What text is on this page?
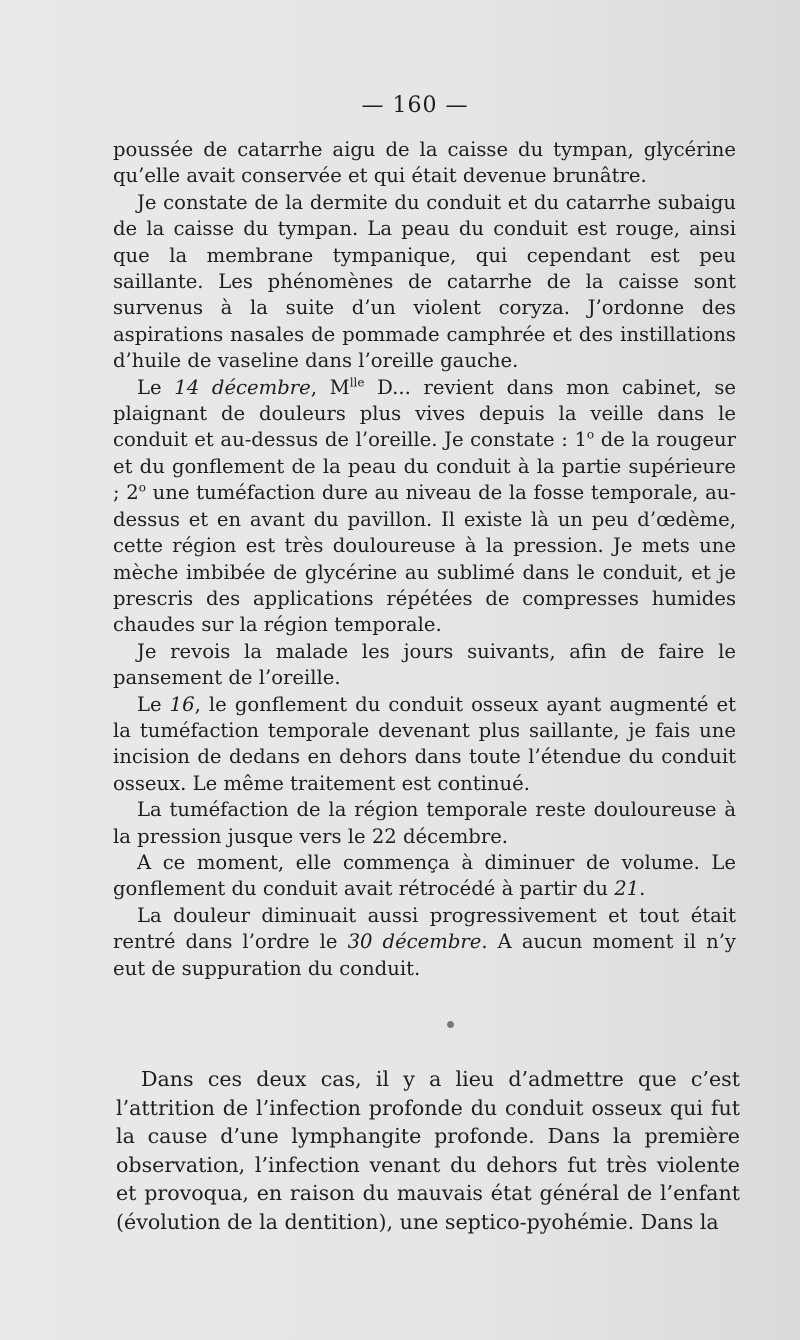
— 160 —

poussée de catarrhe aigu de la caisse du tympan, glycérine qu’elle avait conservée et qui était devenue brunâtre.

Je constate de la dermite du conduit et du catarrhe subaigu de la caisse du tympan. La peau du conduit est rouge, ainsi que la membrane tympanique, qui cependant est peu saillante. Les phénomènes de catarrhe de la caisse sont survenus à la suite d’un violent coryza. J’ordonne des aspirations nasales de pommade camphrée et des instillations d’huile de vaseline dans l’oreille gauche.

Le 14 décembre, $M^{lle}$ D... revient dans mon cabinet, se plaignant de douleurs plus vives depuis la veille dans le conduit et au-dessus de l’oreille. Je constate : 1$^o$ de la rougeur et du gonflement de la peau du conduit à la partie supérieure ; 2$^o$ une tuméfaction dure au niveau de la fosse temporale, au-dessus et en avant du pavillon. Il existe là un peu d’œdème, cette région est très douloureuse à la pression. Je mets une mèche imbibée de glycérine au sublimé dans le conduit, et je prescris des applications répétées de compresses humides chaudes sur la région temporale.

Je revois la malade les jours suivants, afin de faire le pansement de l’oreille.

Le 16, le gonflement du conduit osseux ayant augmenté et la tuméfaction temporale devenant plus saillante, je fais une incision de dedans en dehors dans toute l’étendue du conduit osseux. Le même traitement est continué.

La tuméfaction de la région temporale reste douloureuse à la pression jusque vers le 22 décembre.

A ce moment, elle commença à diminuer de volume. Le gonflement du conduit avait rétrocédé à partir du 21.

La douleur diminuait aussi progressivement et tout était rentré dans l’ordre le 30 décembre. A aucun moment il n’y eut de suppuration du conduit.

Dans ces deux cas, il y a lieu d’admettre que c’est l’attrition de l’infection profonde du conduit osseux qui fut la cause d’une lymphangite profonde. Dans la première observation, l’infection venant du dehors fut très violente et provoqua, en raison du mauvais état général de l’enfant (évolution de la dentition), une septico-pyohémie. Dans la
